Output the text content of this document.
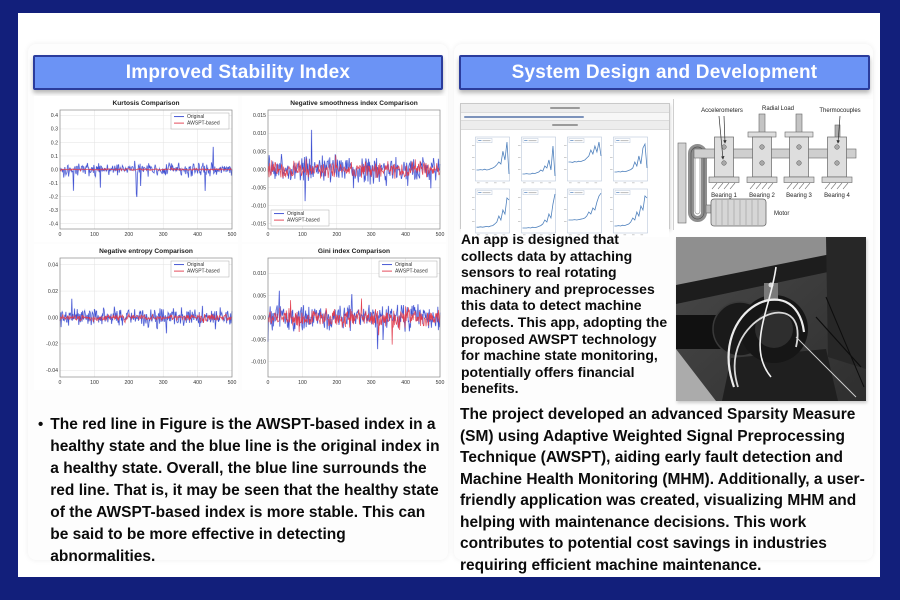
Improved Stability Index
0.4
0.3
0.2
0.1
0.0
-0.1
-0.2
-0.3
-0.4
0	100	200	300	400	500
Kurtosis Comparison
Original
AWSPT-based
0.015
0.010
0.005
0.000
-0.005
-0.010
-0.015
0	100	200	300	400	500
Negative smoothness index Comparison
Original
AWSPT-based
0.04
0.02
0.00
-0.02
-0.04
0	100	200	300	400	500
Negative entropy Comparison
Original
AWSPT-based	0.010
0.005
0.000
-0.005
-0.010
0	100	200	300	400	500
Gini index Comparison
Original
AWSPT-based
• The red line in Figure is the AWSPT-based index in a healthy state and the blue line is the original index in a healthy state. Overall, the blue line surrounds the red line. That is, it may be seen that the healthy state of the AWSPT-based index is more stable. This can be said to be more effective in detecting abnormalities.

System Design and Development
Accelerometers	Radial Load	Thermocouples
Bearing 1 Bearing 2 Bearing 3 Bearing 4
Motor

An app is designed that collects data by attaching sensors to real rotating machinery and preprocesses this data to detect machine defects. This app, adopting the proposed AWSPT technology for machine state monitoring, potentially offers financial benefits.

The project developed an advanced Sparsity Measure (SM) using Adaptive Weighted Signal Preprocessing Technique (AWSPT), aiding early fault detection and Machine Health Monitoring (MHM). Additionally, a user-friendly application was created, visualizing MHM and helping with maintenance decisions. This work contributes to potential cost savings in industries requiring efficient machine maintenance.
